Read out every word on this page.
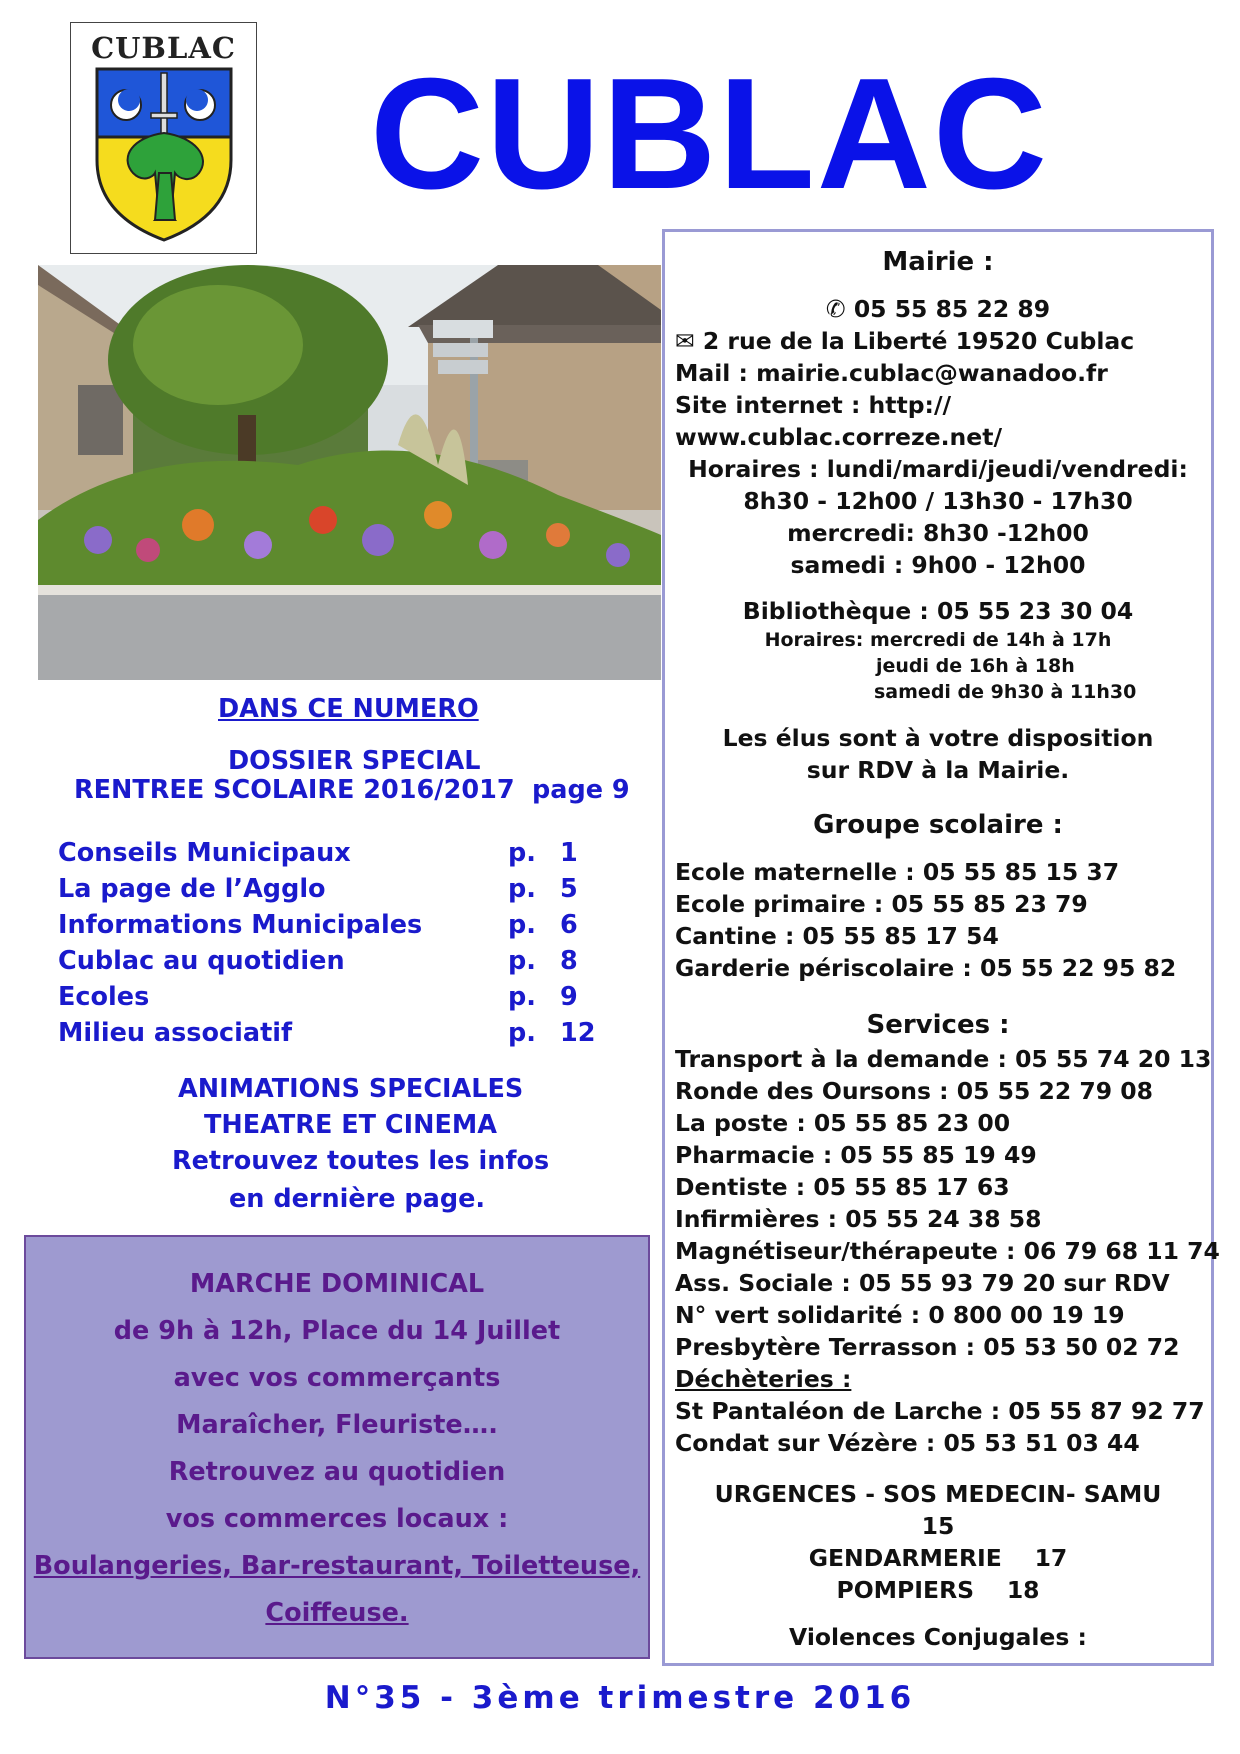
CUBLAC CUBLAC
DANS CE NUMERO
DOSSIER SPECIAL
RENTREE SCOLAIRE 2016/2017 page 9
Conseils Municipaux	p. 1
La page de l’Agglo	p. 5
Informations Municipales	p. 6
Cublac au quotidien	p. 8
Ecoles	p. 9
Milieu associatif	p. 12
ANIMATIONS SPECIALES
THEATRE ET CINEMA
Retrouvez toutes les infos
en dernière page.
MARCHE DOMINICAL
de 9h à 12h, Place du 14 Juillet
avec vos commerçants
Maraîcher, Fleuriste….
Retrouvez au quotidien
vos commerces locaux :
Boulangeries, Bar-restaurant, Toiletteuse,
Coiffeuse.
Mairie :
✆ 05 55 85 22 89
✉ 2 rue de la Liberté 19520 Cublac
Mail : mairie.cublac@wanadoo.fr
Site internet : http://
www.cublac.correze.net/
Horaires : lundi/mardi/jeudi/vendredi:
8h30 - 12h00 / 13h30 - 17h30
mercredi: 8h30 -12h00
samedi : 9h00 - 12h00
Bibliothèque : 05 55 23 30 04
Horaires: mercredi de 14h à 17h
jeudi de 16h à 18h
samedi de 9h30 à 11h30
Les élus sont à votre disposition
sur RDV à la Mairie.
Groupe scolaire :
Ecole maternelle : 05 55 85 15 37
Ecole primaire : 05 55 85 23 79
Cantine : 05 55 85 17 54
Garderie périscolaire : 05 55 22 95 82
Services :
Transport à la demande : 05 55 74 20 13
Ronde des Oursons : 05 55 22 79 08
La poste : 05 55 85 23 00
Pharmacie : 05 55 85 19 49
Dentiste : 05 55 85 17 63
Infirmières : 05 55 24 38 58
Magnétiseur/thérapeute : 06 79 68 11 74
Ass. Sociale : 05 55 93 79 20 sur RDV
N° vert solidarité : 0 800 00 19 19
Presbytère Terrasson : 05 53 50 02 72
Déchèteries :
St Pantaléon de Larche : 05 55 87 92 77
Condat sur Vézère : 05 53 51 03 44
URGENCES - SOS MEDECIN- SAMU
15
GENDARMERIE    17
POMPIERS    18
Violences Conjugales :
N°35 - 3ème trimestre 2016
